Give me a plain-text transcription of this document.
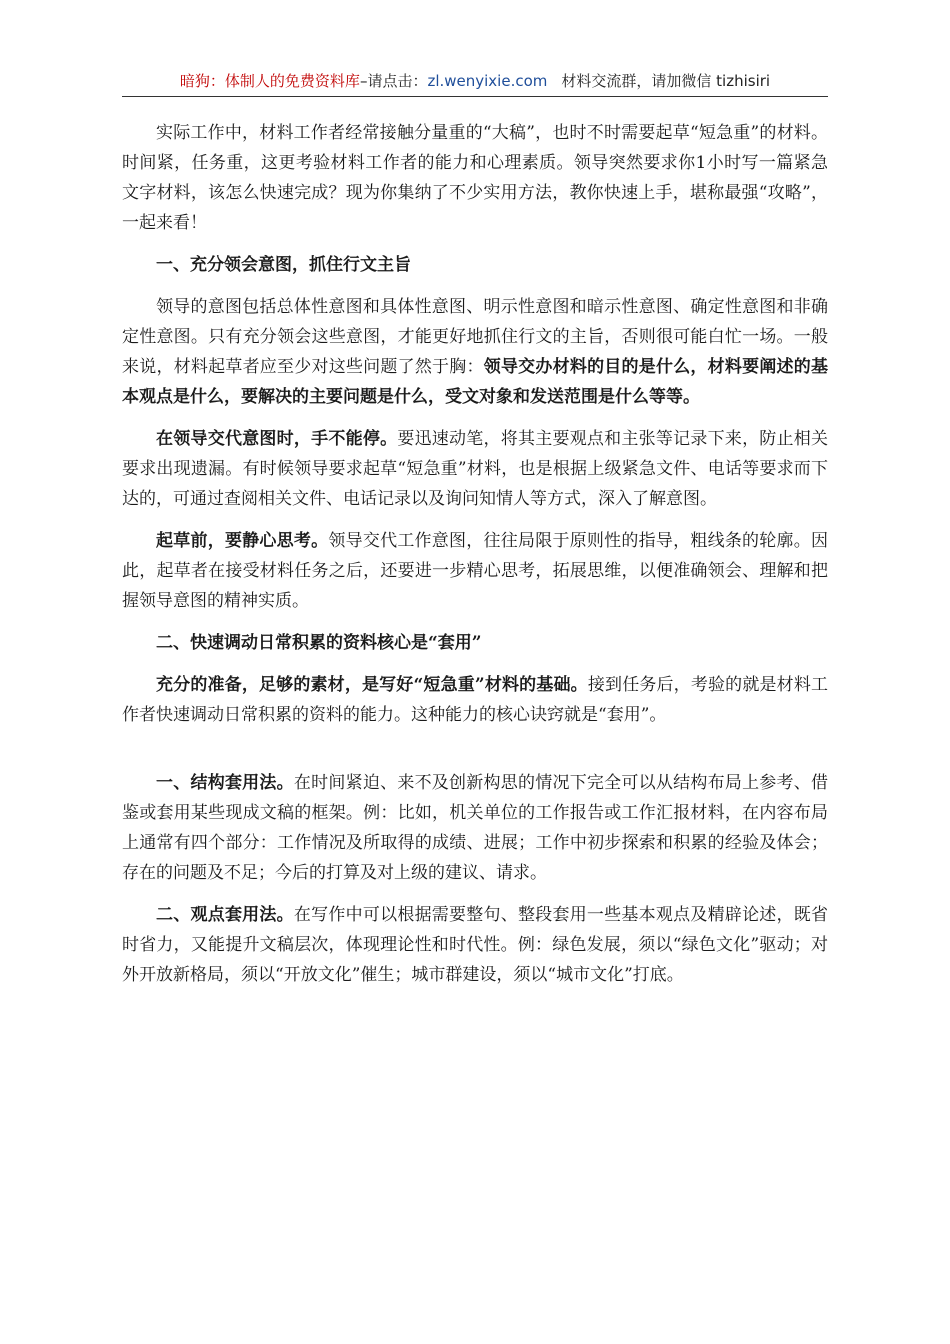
暗狗：体制人的免费资料库–请点击：zl.wenyixie.com 材料交流群，请加微信 tizhisiri

实际工作中，材料工作者经常接触分量重的“大稿”，也时不时需要起草“短急重”的材料。时间紧，任务重，这更考验材料工作者的能力和心理素质。领导突然要求你1小时写一篇紧急文字材料，该怎么快速完成？现为你集纳了不少实用方法，教你快速上手，堪称最强“攻略”，一起来看！

一、充分领会意图，抓住行文主旨

领导的意图包括总体性意图和具体性意图、明示性意图和暗示性意图、确定性意图和非确定性意图。只有充分领会这些意图，才能更好地抓住行文的主旨，否则很可能白忙一场。一般来说，材料起草者应至少对这些问题了然于胸：领导交办材料的目的是什么，材料要阐述的基本观点是什么，要解决的主要问题是什么，受文对象和发送范围是什么等等。

在领导交代意图时，手不能停。要迅速动笔，将其主要观点和主张等记录下来，防止相关要求出现遗漏。有时候领导要求起草“短急重”材料，也是根据上级紧急文件、电话等要求而下达的，可通过查阅相关文件、电话记录以及询问知情人等方式，深入了解意图。

起草前，要静心思考。领导交代工作意图，往往局限于原则性的指导，粗线条的轮廓。因此，起草者在接受材料任务之后，还要进一步精心思考，拓展思维，以便准确领会、理解和把握领导意图的精神实质。

二、快速调动日常积累的资料核心是“套用”

充分的准备，足够的素材，是写好“短急重”材料的基础。接到任务后，考验的就是材料工作者快速调动日常积累的资料的能力。这种能力的核心诀窍就是“套用”。

一、结构套用法。在时间紧迫、来不及创新构思的情况下完全可以从结构布局上参考、借鉴或套用某些现成文稿的框架。例：比如，机关单位的工作报告或工作汇报材料，在内容布局上通常有四个部分：工作情况及所取得的成绩、进展；工作中初步探索和积累的经验及体会；存在的问题及不足；今后的打算及对上级的建议、请求。

二、观点套用法。在写作中可以根据需要整句、整段套用一些基本观点及精辟论述，既省时省力，又能提升文稿层次，体现理论性和时代性。例：绿色发展，须以“绿色文化”驱动；对外开放新格局，须以“开放文化”催生；城市群建设，须以“城市文化”打底。
